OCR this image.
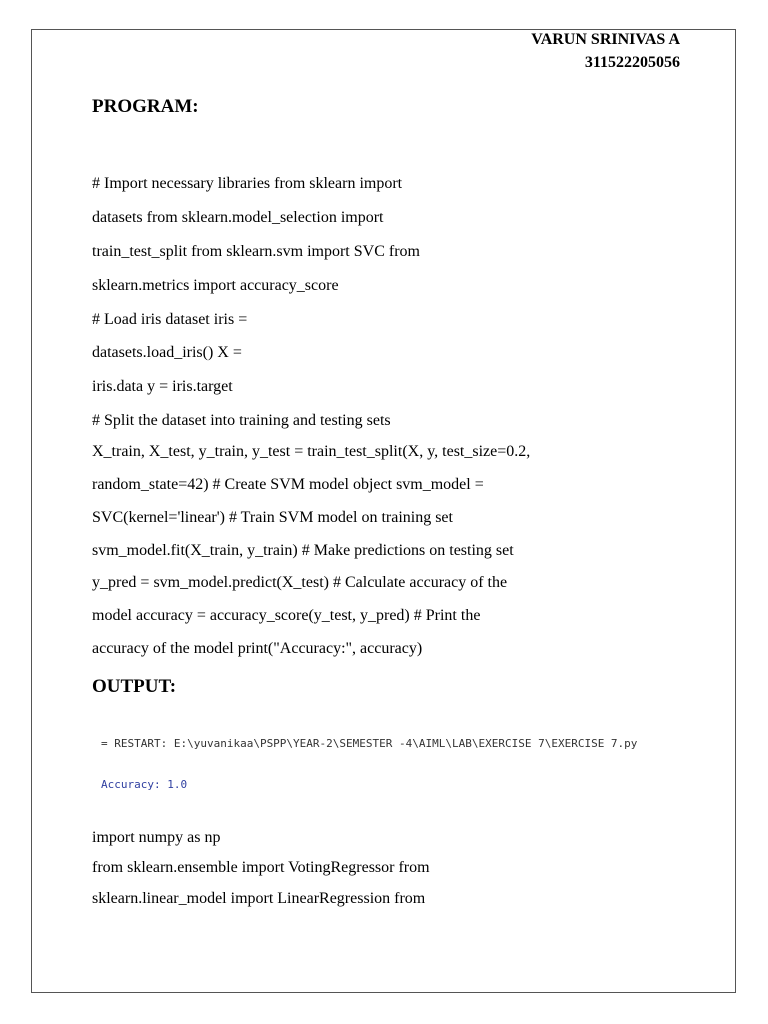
VARUN SRINIVAS A
311522205056
PROGRAM:
# Import necessary libraries from sklearn import
datasets from sklearn.model_selection import
train_test_split from sklearn.svm import SVC from
sklearn.metrics import accuracy_score
# Load iris dataset iris =
datasets.load_iris() X =
iris.data y = iris.target
# Split the dataset into training and testing sets
X_train, X_test, y_train, y_test = train_test_split(X, y, test_size=0.2,
random_state=42) # Create SVM model object svm_model =
SVC(kernel='linear') # Train SVM model on training set
svm_model.fit(X_train, y_train) # Make predictions on testing set
y_pred = svm_model.predict(X_test) # Calculate accuracy of the
model accuracy = accuracy_score(y_test, y_pred) # Print the
accuracy of the model print("Accuracy:", accuracy)
OUTPUT:

= RESTART: E:\yuvanikaa\PSPP\YEAR-2\SEMESTER -4\AIML\LAB\EXERCISE 7\EXERCISE 7.py

Accuracy: 1.0

import numpy as np
from sklearn.ensemble import VotingRegressor from
sklearn.linear_model import LinearRegression from
